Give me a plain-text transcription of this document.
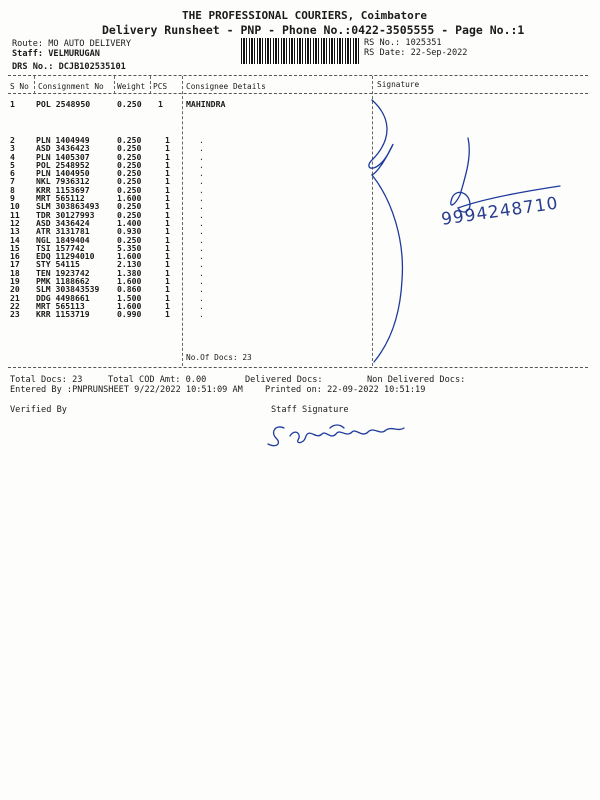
THE PROFESSIONAL COURIERS, Coimbatore
Delivery Runsheet - PNP - Phone No.:0422-3505555 - Page No.:1
Route: MO AUTO DELIVERY
Staff: VELMURUGAN
DRS No.: DCJB102535101
RS No.: 1025351
RS Date: 22-Sep-2022
S No Consignment No Weight PCS Consignee Details	Signature
1	POL 2548950	0.250 1	MAHINDRA
2	PLN 1404949	0.250	1	.
3	ASD 3436423	0.250	1	.
4	PLN 1405307	0.250	1	.
5	POL 2548952	0.250	1	.
6	PLN 1404950	0.250	1	.
7	NKL 7936312	0.250	1	.
8	KRR 1153697	0.250	1	.
9	MRT 565112	1.600	1	.
10	SLM 303863493	0.250	1	.
11	TDR 30127993	0.250	1	.
12	ASD 3436424	1.400	1	.
13	ATR 3131781	0.930	1	.
14	NGL 1849404	0.250	1	.
15	TSI 157742	5.350	1	.
16	EDQ 11294010	1.600	1	.
17	STY 54115	2.130	1	.
18	TEN 1923742	1.380	1	.
19	PMK 1188662	1.600	1	.
20	SLM 303843539	0.860	1	.
21	DDG 4498661	1.500	1	.
22	MRT 565113	1.600	1	.
23	KRR 1153719	0.990	1	.
No.Of Docs: 23
Total Docs: 23	Total COD Amt: 0.00	Delivered Docs:	Non Delivered Docs:
Entered By :PNPRUNSHEET 9/22/2022 10:51:09 AM	Printed on: 22-09-2022 10:51:19
Verified By	Staff Signature
9994248710
